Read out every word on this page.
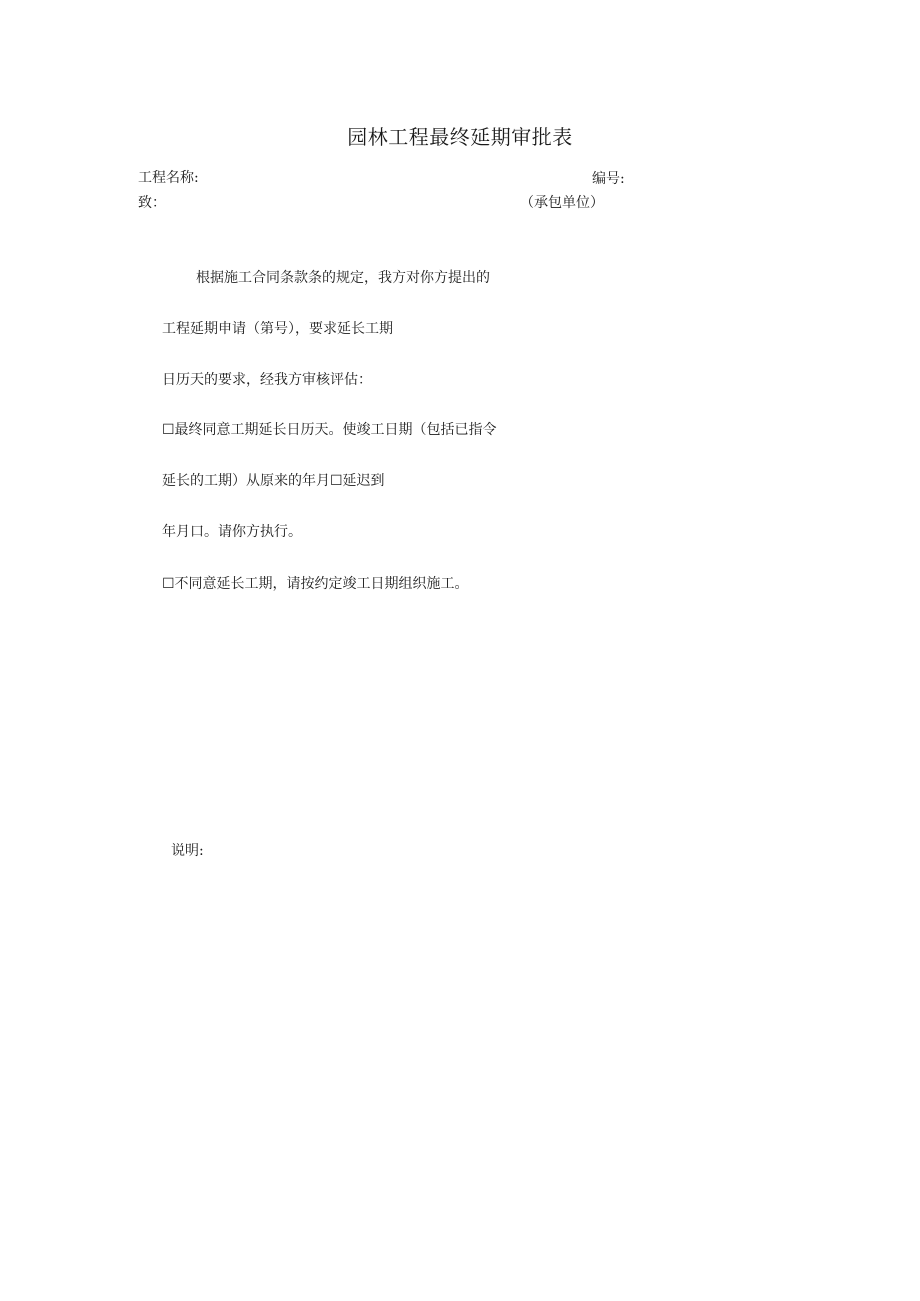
园林工程最终延期审批表
工程名称:	编号:
致：	（承包单位）
根据施工合同条款条的规定，我方对你方提出的
工程延期申请（第号），要求延长工期
日历天的要求，经我方审核评估：
☐最终同意工期延长日历天。使竣工日期（包括已指令
延长的工期）从原来的年月☐延迟到
年月口。请你方执行。
☐不同意延长工期，请按约定竣工日期组织施工。
说明:
